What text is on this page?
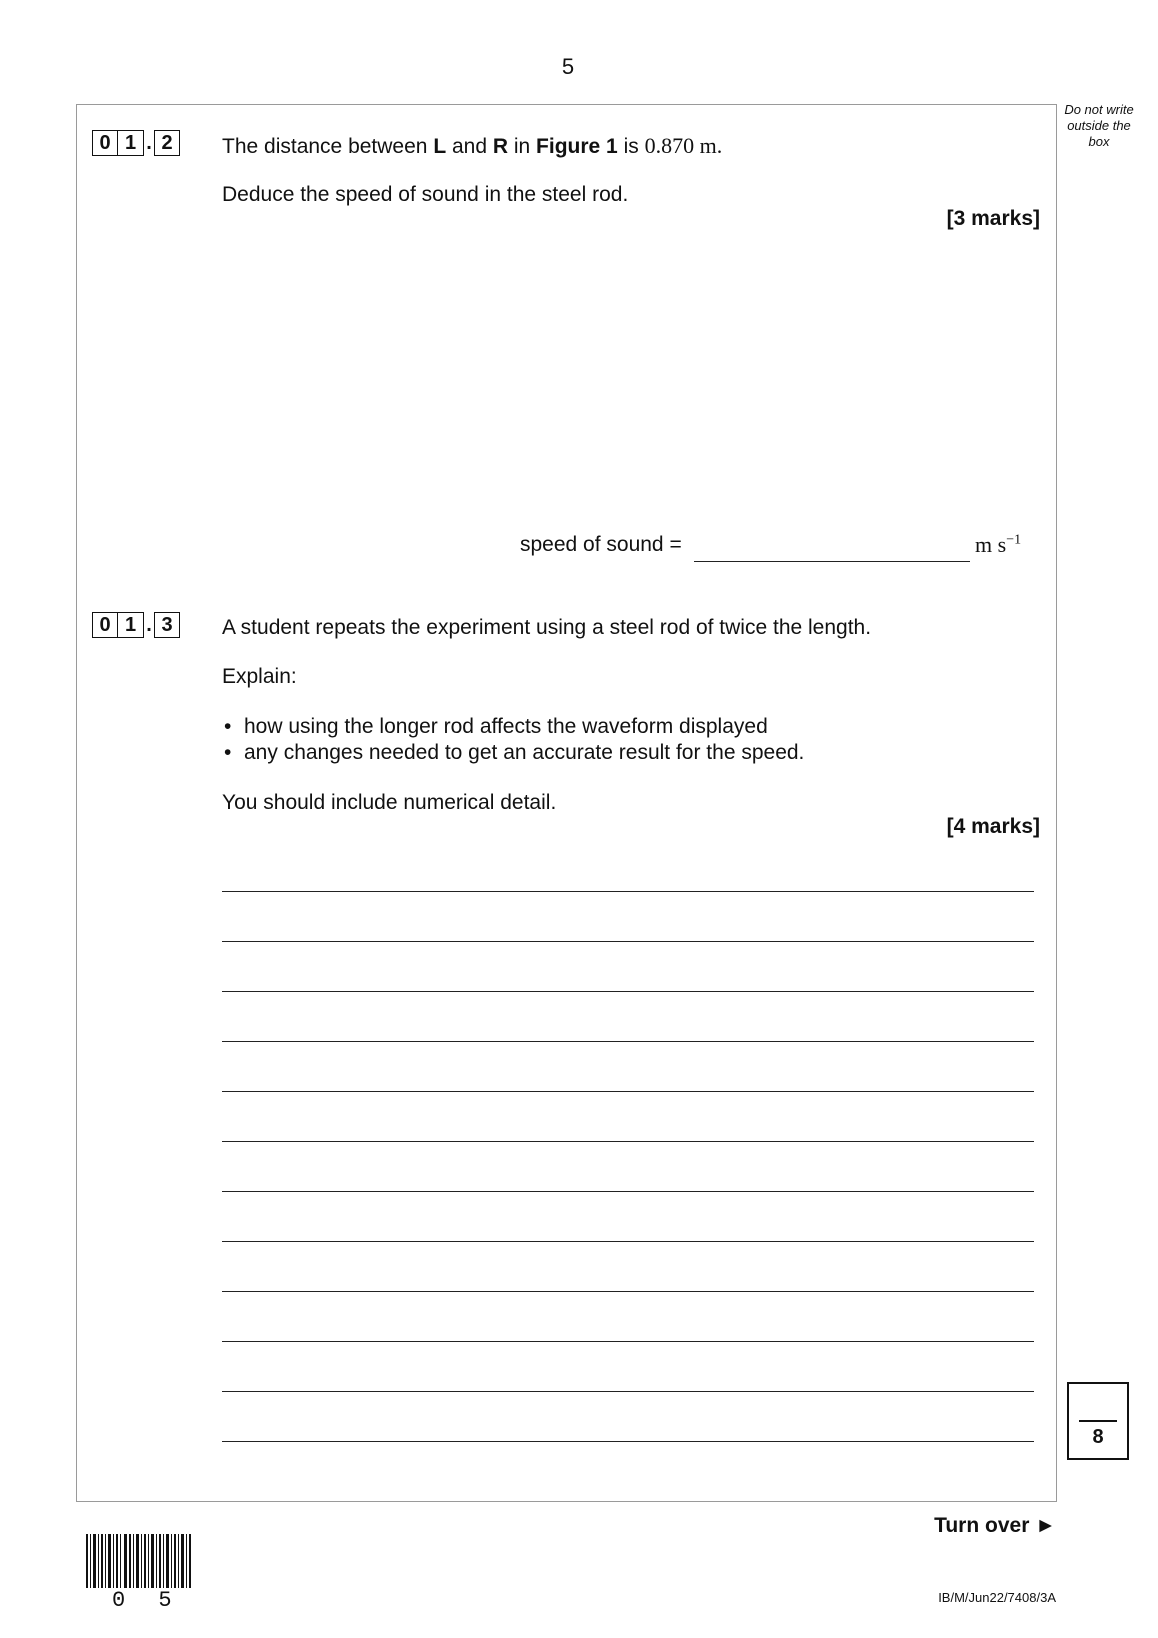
5
Do not write
outside the
box
0 1 . 2	The distance between L and R in Figure 1 is 0.870 m.
Deduce the speed of sound in the steel rod.
[3 marks]
speed of sound =	m $s^{-1}$
0 1 . 3	A student repeats the experiment using a steel rod of twice the length.
Explain:
• how using the longer rod affects the waveform displayed
• any changes needed to get an accurate result for the speed.
You should include numerical detail.
[4 marks]
8
Turn over ►
0 5	IB/M/Jun22/7408/3A
